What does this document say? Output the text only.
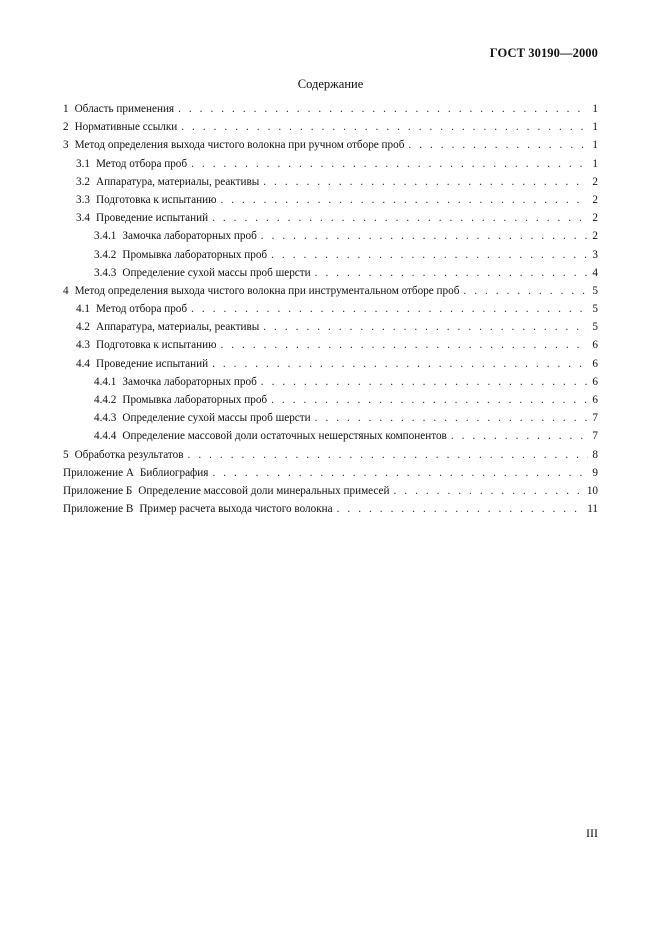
ГОСТ 30190—2000
Содержание
1 Область применения . . .	1
2 Нормативные ссылки . . .	1
3 Метод определения выхода чистого волокна при ручном отборе проб . . .	1
3.1 Метод отбора проб . . .	1
3.2 Аппаратура, материалы, реактивы . . .	2
3.3 Подготовка к испытанию . . .	2
3.4 Проведение испытаний . . .	2
3.4.1 Замочка лабораторных проб . . .	2
3.4.2 Промывка лабораторных проб . . .	3
3.4.3 Определение сухой массы проб шерсти . . .	4
4 Метод определения выхода чистого волокна при инструментальном отборе проб . . .	5
4.1 Метод отбора проб . . .	5
4.2 Аппаратура, материалы, реактивы . . .	5
4.3 Подготовка к испытанию . . .	6
4.4 Проведение испытаний . . .	6
4.4.1 Замочка лабораторных проб . . .	6
4.4.2 Промывка лабораторных проб . . .	6
4.4.3 Определение сухой массы проб шерсти . . .	7
4.4.4 Определение массовой доли остаточных нешерстяных компонентов . . .	7
5 Обработка результатов . . .	8
Приложение А Библиография . . .	9
Приложение Б Определение массовой доли минеральных примесей . . .	10
Приложение В Пример расчета выхода чистого волокна . . .	11
III
